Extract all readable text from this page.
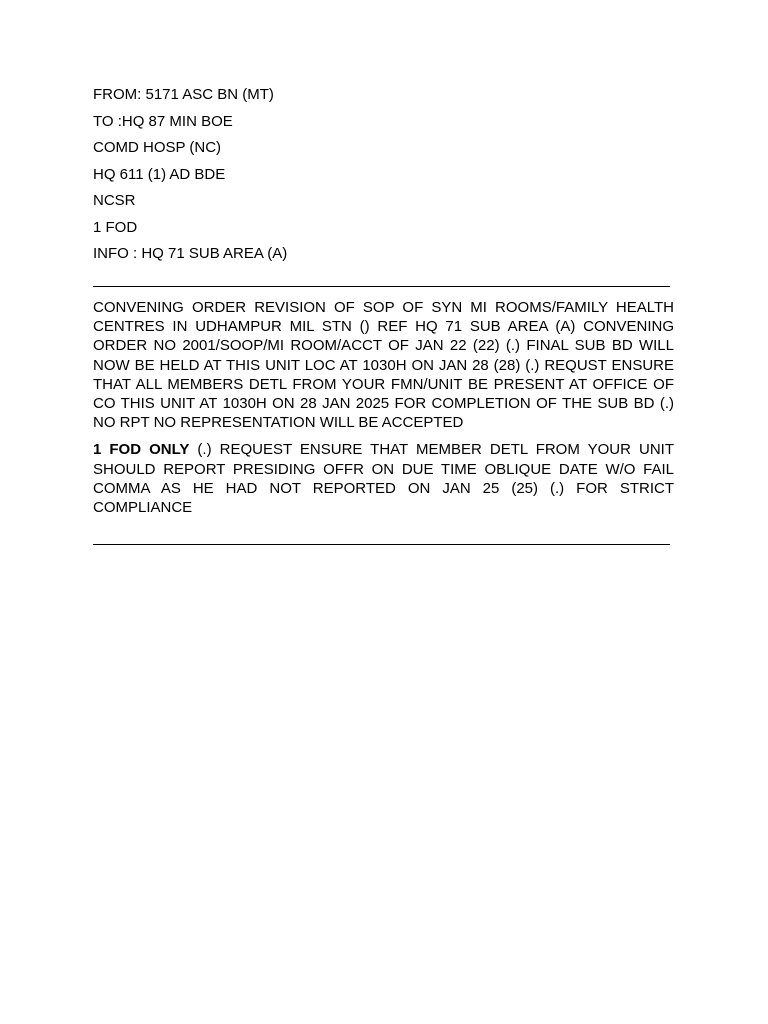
FROM: 5171 ASC BN (MT)
TO :HQ 87 MIN BOE
COMD HOSP (NC)
HQ 611 (1) AD BDE
NCSR
1 FOD
INFO : HQ 71 SUB AREA (A)

CONVENING ORDER REVISION OF SOP OF SYN MI ROOMS/FAMILY HEALTH CENTRES IN UDHAMPUR MIL STN () REF HQ 71 SUB AREA (A) CONVENING ORDER NO 2001/SOOP/MI ROOM/ACCT OF JAN 22 (22) (.) FINAL SUB BD WILL NOW BE HELD AT THIS UNIT LOC AT 1030H ON JAN 28 (28) (.) REQUST ENSURE THAT ALL MEMBERS DETL FROM YOUR FMN/UNIT BE PRESENT AT OFFICE OF CO THIS UNIT AT 1030H ON 28 JAN 2025 FOR COMPLETION OF THE SUB BD (.) NO RPT NO REPRESENTATION WILL BE ACCEPTED

1 FOD ONLY (.) REQUEST ENSURE THAT MEMBER DETL FROM YOUR UNIT SHOULD REPORT PRESIDING OFFR ON DUE TIME OBLIQUE DATE W/O FAIL COMMA AS HE HAD NOT REPORTED ON JAN 25 (25) (.) FOR STRICT COMPLIANCE
